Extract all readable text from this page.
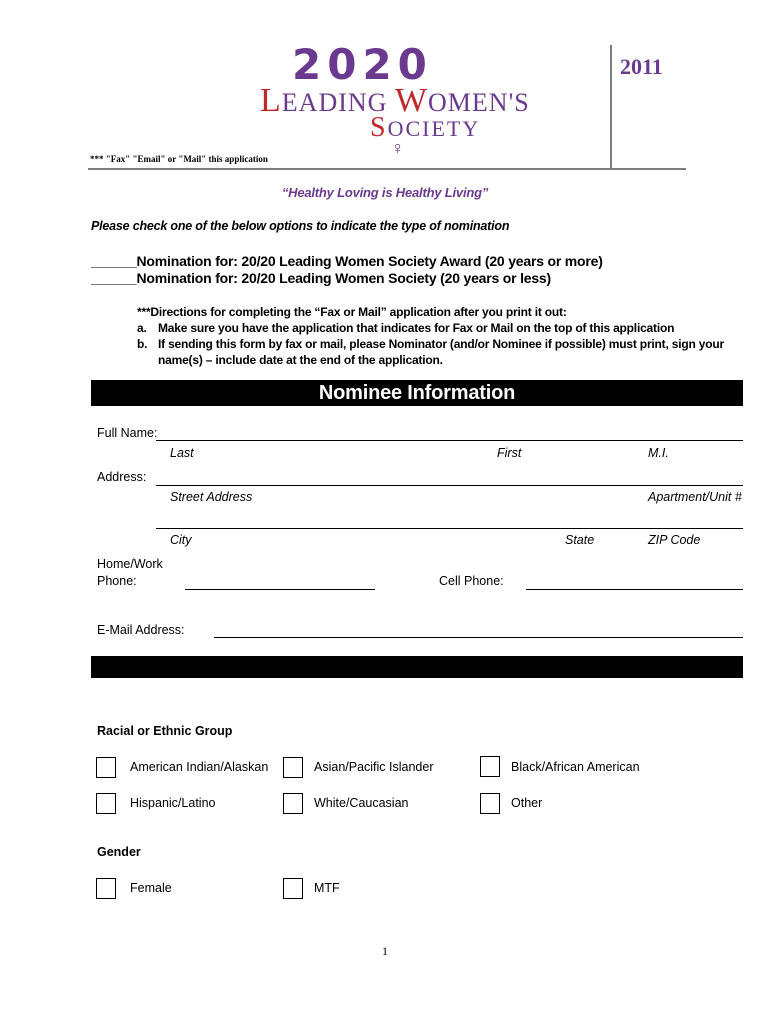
2020
LEADING WOMEN'S
SOCIETY
♀
2011
*** "Fax" "Email" or "Mail" this application
“Healthy Loving is Healthy Living”
Please check one of the below options to indicate the type of nomination
______Nomination for: 20/20 Leading Women Society Award (20 years or more)
______Nomination for: 20/20 Leading Women Society (20 years or less)
***Directions for completing the “Fax or Mail” application after you print it out:
a. Make sure you have the application that indicates for Fax or Mail on the top of this application
b. If sending this form by fax or mail, please Nominator (and/or Nominee if possible) must print, sign your
name(s) – include date at the end of the application.
Nominee Information
Full Name:
Last	First	M.I.
Address:
Street Address	Apartment/Unit #
City	State	ZIP Code
Home/Work
Phone:	Cell Phone:
E-Mail Address:
Racial or Ethnic Group
American Indian/Alaskan	Asian/Pacific Islander	Black/African American
Hispanic/Latino	White/Caucasian	Other
Gender
Female	MTF
1
